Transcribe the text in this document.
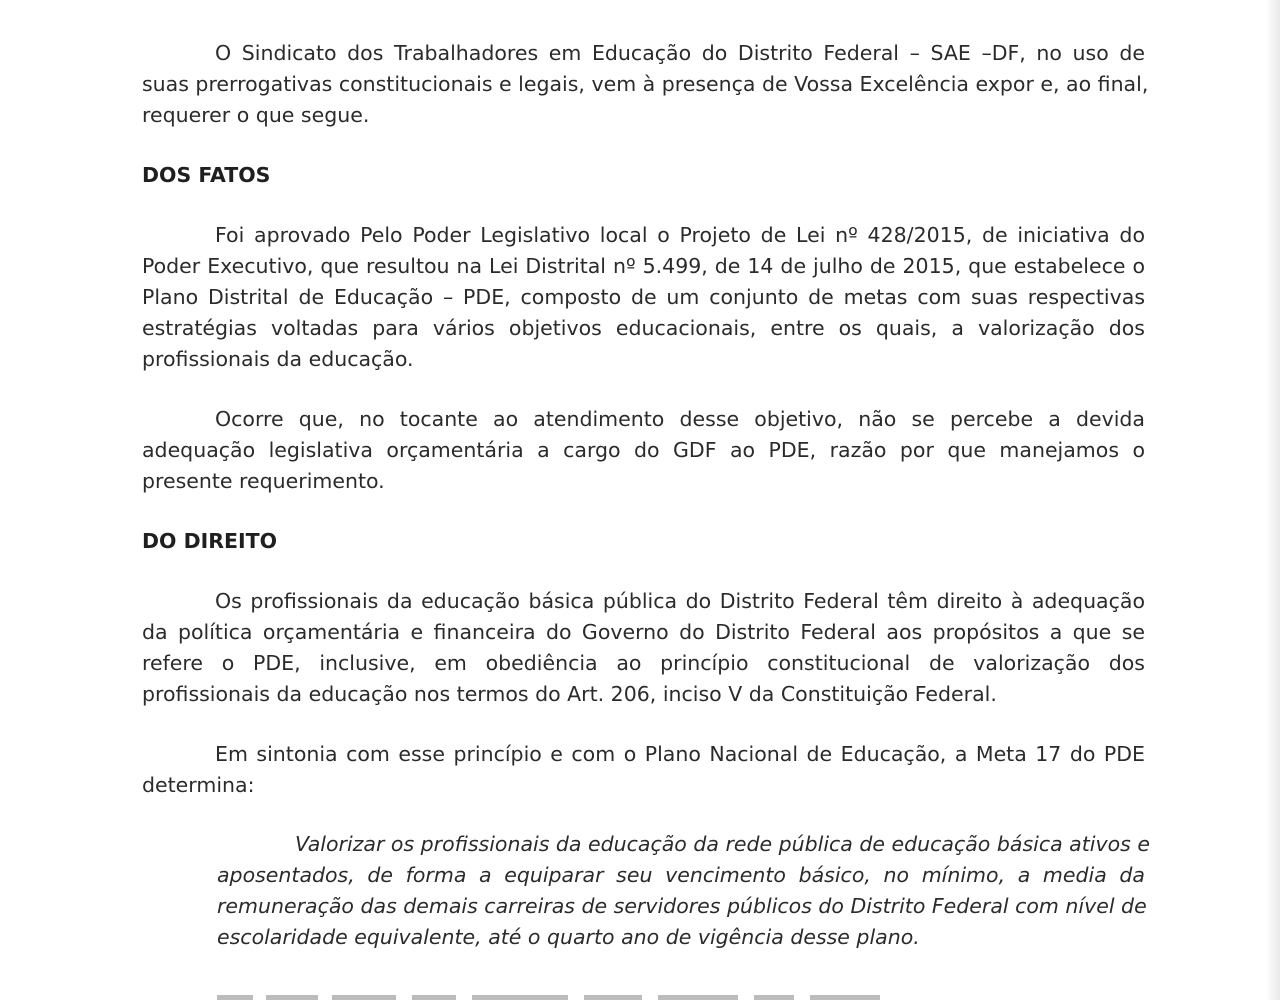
O Sindicato dos Trabalhadores em Educação do Distrito Federal – SAE –DF, no uso de
suas prerrogativas constitucionais e legais, vem à presença de Vossa Excelência expor e, ao final,
requerer o que segue.

DOS FATOS

Foi aprovado Pelo Poder Legislativo local o Projeto de Lei nº 428/2015, de iniciativa do
Poder Executivo, que resultou na Lei Distrital nº 5.499, de 14 de julho de 2015, que estabelece o
Plano Distrital de Educação – PDE, composto de um conjunto de metas com suas respectivas
estratégias voltadas para vários objetivos educacionais, entre os quais, a valorização dos
profissionais da educação.

Ocorre que, no tocante ao atendimento desse objetivo, não se percebe a devida
adequação legislativa orçamentária a cargo do GDF ao PDE, razão por que manejamos o
presente requerimento.

DO DIREITO

Os profissionais da educação básica pública do Distrito Federal têm direito à adequação
da política orçamentária e financeira do Governo do Distrito Federal aos propósitos a que se
refere o PDE, inclusive, em obediência ao princípio constitucional de valorização dos
profissionais da educação nos termos do Art. 206, inciso V da Constituição Federal.

Em sintonia com esse princípio e com o Plano Nacional de Educação, a Meta 17 do PDE
determina:

Valorizar os profissionais da educação da rede pública de educação básica ativos e
aposentados, de forma a equiparar seu vencimento básico, no mínimo, a media da
remuneração das demais carreiras de servidores públicos do Distrito Federal com nível de
escolaridade equivalente, até o quarto ano de vigência desse plano.
